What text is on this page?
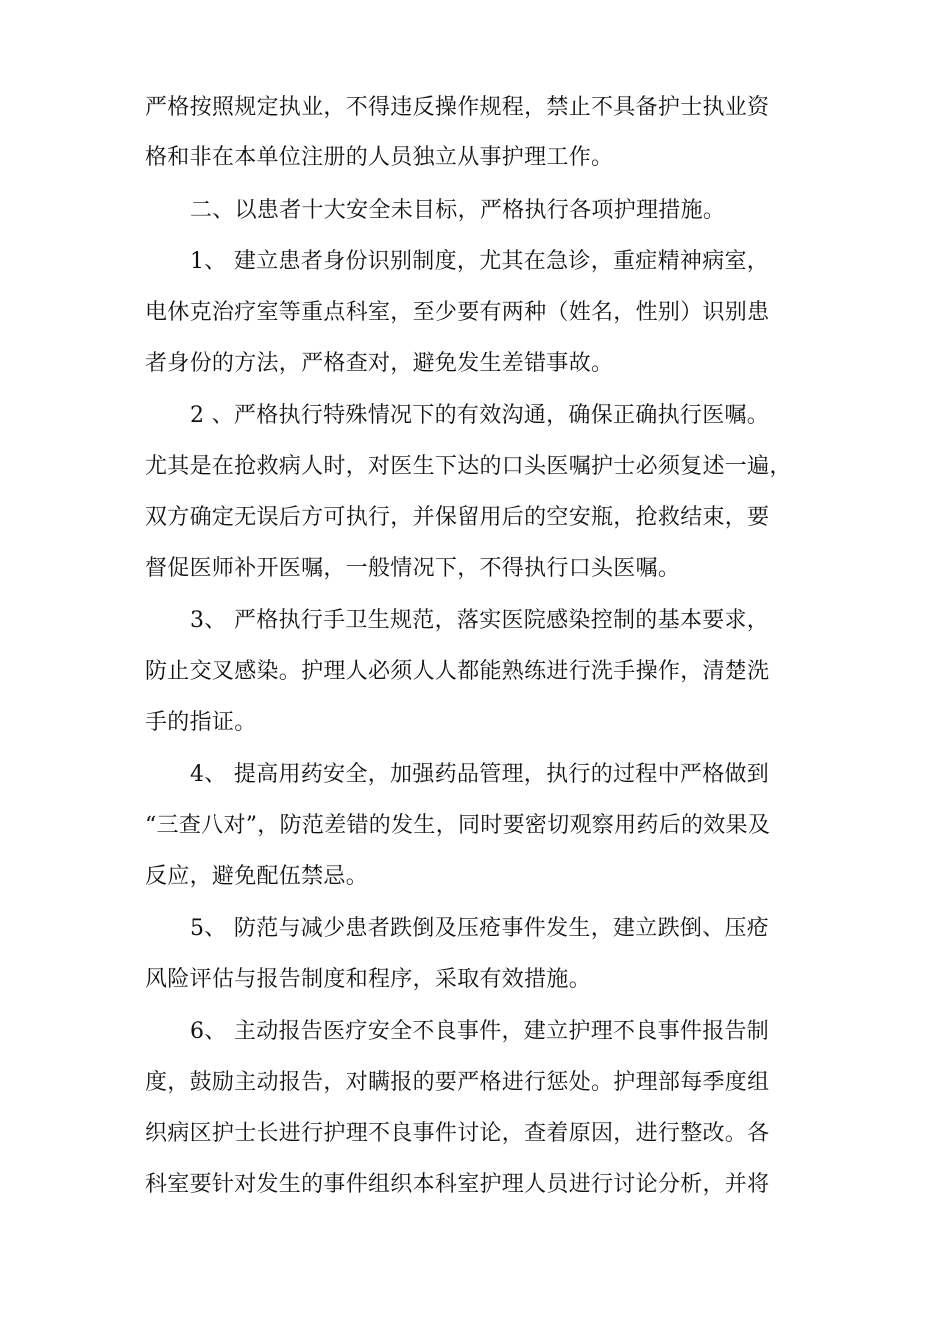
严格按照规定执业，不得违反操作规程，禁止不具备护士执业资
格和非在本单位注册的人员独立从事护理工作。
二、以患者十大安全未目标，严格执行各项护理措施。
1、 建立患者身份识别制度，尤其在急诊，重症精神病室，
电休克治疗室等重点科室，至少要有两种（姓名，性别）识别患
者身份的方法，严格查对，避免发生差错事故。
2 、严格执行特殊情况下的有效沟通，确保正确执行医嘱。
尤其是在抢救病人时，对医生下达的口头医嘱护士必须复述一遍，
双方确定无误后方可执行，并保留用后的空安瓶，抢救结束，要
督促医师补开医嘱，一般情况下，不得执行口头医嘱。
3、 严格执行手卫生规范，落实医院感染控制的基本要求，
防止交叉感染。护理人必须人人都能熟练进行洗手操作，清楚洗
手的指证。
4、 提高用药安全，加强药品管理，执行的过程中严格做到
“三查八对”，防范差错的发生，同时要密切观察用药后的效果及
反应，避免配伍禁忌。
5、 防范与减少患者跌倒及压疮事件发生，建立跌倒、压疮
风险评估与报告制度和程序，采取有效措施。
6、 主动报告医疗安全不良事件，建立护理不良事件报告制
度，鼓励主动报告，对瞒报的要严格进行惩处。护理部每季度组
织病区护士长进行护理不良事件讨论，查着原因，进行整改。各
科室要针对发生的事件组织本科室护理人员进行讨论分析，并将
